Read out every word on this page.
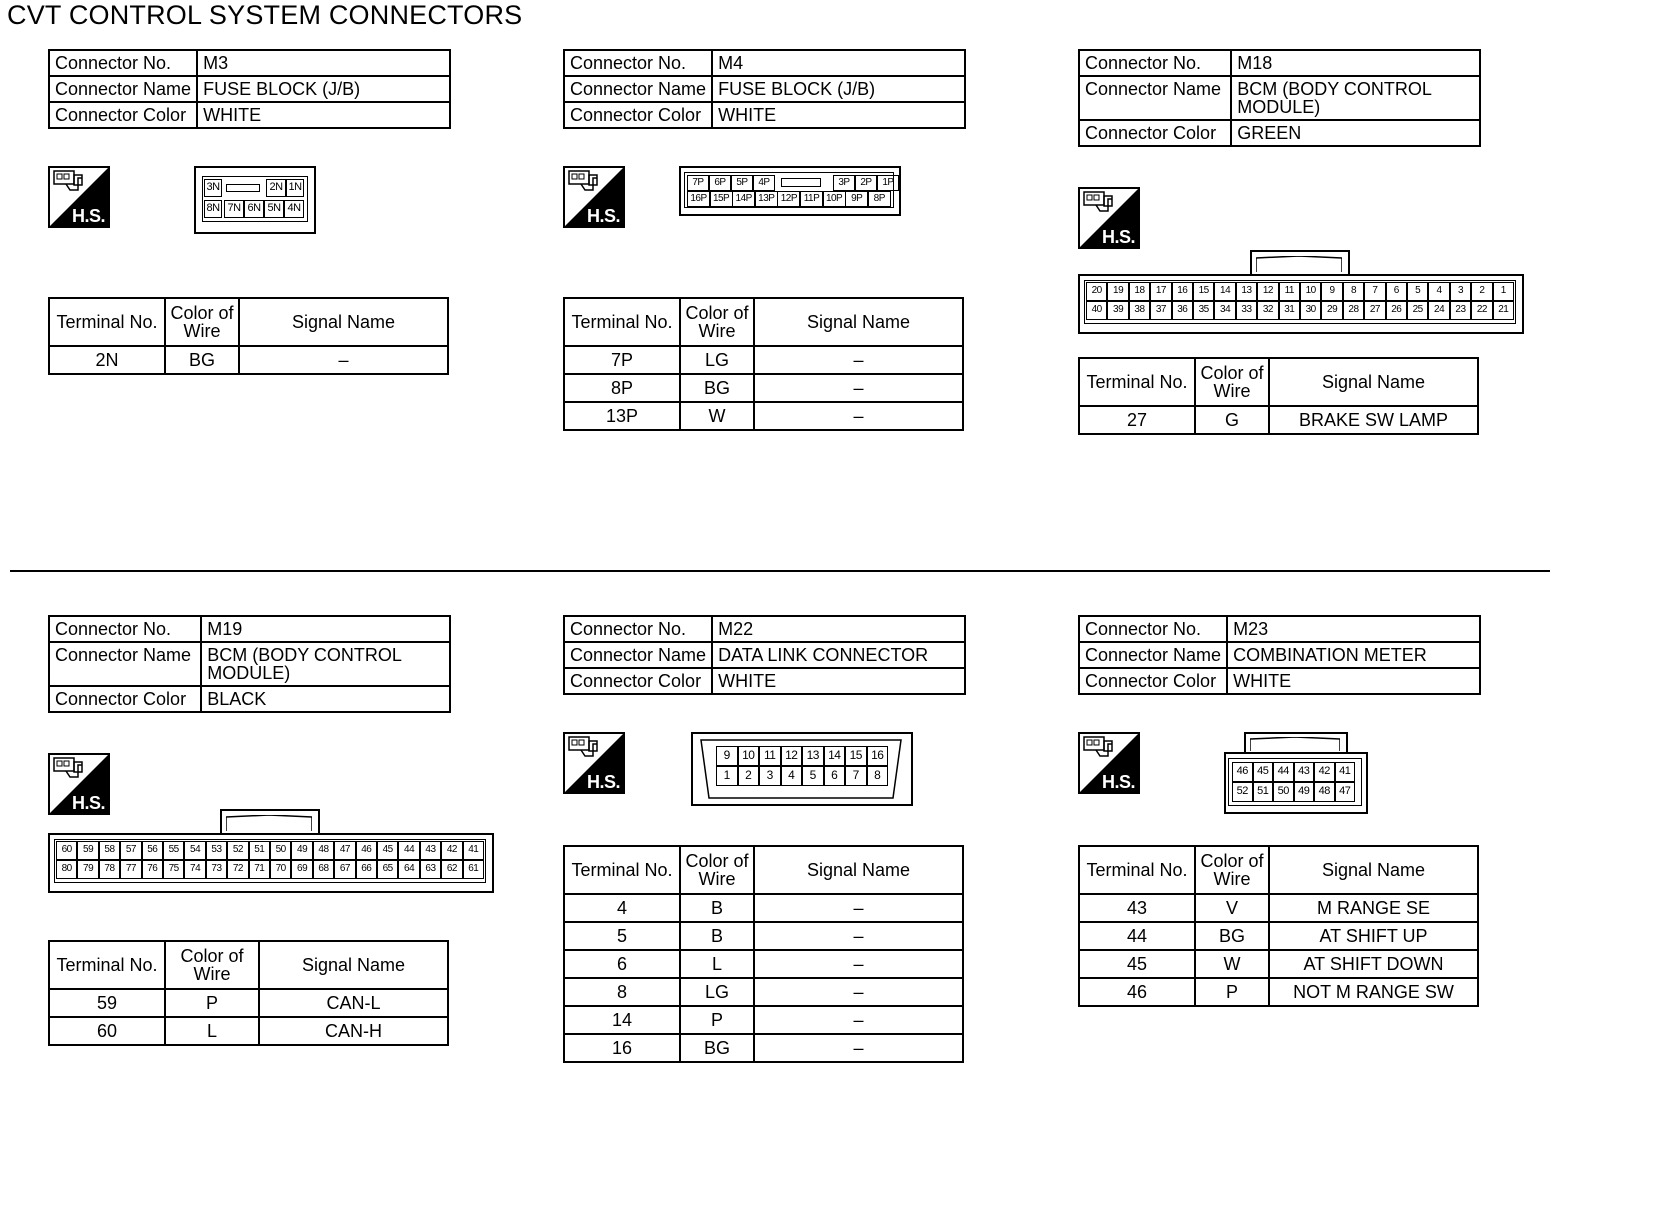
CVT CONTROL SYSTEM CONNECTORS
Connector No.	M3
Connector Name	FUSE BLOCK (J/B)
Connector Color	WHITE
H.S.
3N	2N 1N
8N 7N 6N 5N 4N
Terminal No.	Color of Wire	Signal Name
2N	BG	–
Connector No.	M4
Connector Name	FUSE BLOCK (J/B)
Connector Color	WHITE
H.S.
7P	6P	5P	4P	3P	2P	1P
16P 15P 14P 13P 12P 11P 10P 9P	8P
Terminal No.	Color of Wire	Signal Name
7P	LG	–
8P	BG	–
13P	W	–
Connector No.	M18
Connector Name	BCM (BODY CONTROL MODULE)
Connector Color	GREEN
H.S.
20	19	18	17	16	15	14	13	12	11	10	9	8	7	6	5	4	3	2	1
40	39	38	37	36	35	34	33	32	31	30	29	28	27	26	25	24	23	22	21
Terminal No.	Color of Wire	Signal Name
27	G	BRAKE SW LAMP
Connector No.	M19
Connector Name	BCM (BODY CONTROL MODULE)
Connector Color	BLACK
H.S.
60	59	58	57	56	55	54	53	52	51	50	49	48	47	46	45	44	43	42	41
80	79	78	77	76	75	74	73	72	71	70	69	68	67	66	65	64	63	62	61
Terminal No.	Color of Wire	Signal Name
59	P	CAN-L
60	L	CAN-H
Connector No.	M22
Connector Name	DATA LINK CONNECTOR
Connector Color	WHITE
H.S.
9	10 11 12 13 14 15 16
1	2	3	4	5	6	7	8
Terminal No.	Color of Wire	Signal Name
4	B	–
5	B	–
6	L	–
8	LG	–
14	P	–
16	BG	–
Connector No.	M23
Connector Name	COMBINATION METER
Connector Color	WHITE
H.S.
46 45 44 43 42 41
52 51 50 49 48 47
Terminal No.	Color of Wire	Signal Name
43	V	M RANGE SE
44	BG	AT SHIFT UP
45	W	AT SHIFT DOWN
46	P	NOT M RANGE SW
